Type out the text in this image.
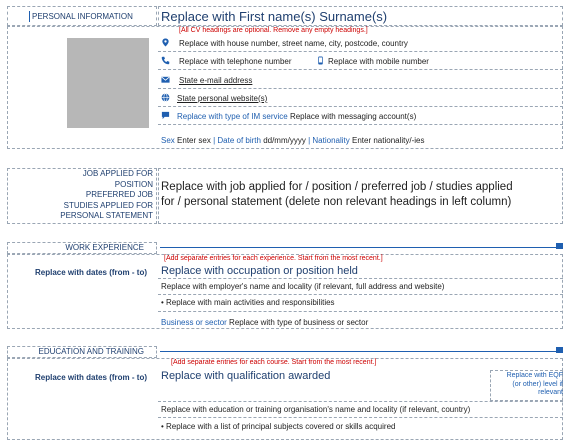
PERSONAL INFORMATION	Replace with First name(s) Surname(s)
[All CV headings are optional. Remove any empty headings.]
Replace with house number, street name, city, postcode, country
Replace with telephone number	Replace with mobile number
State e-mail address
State personal website(s)
Replace with type of IM service Replace with messaging account(s)
Sex Enter sex | Date of birth dd/mm/yyyy | Nationality Enter nationality/-ies
JOB APPLIED FOR
POSITION
PREFERRED JOB
STUDIES APPLIED FOR
PERSONAL STATEMENT
Replace with job applied for / position / preferred job / studies applied
for / personal statement (delete non relevant headings in left column)
WORK EXPERIENCE
[Add separate entries for each experience. Start from the most recent.]
Replace with dates (from - to) Replace with occupation or position held
Replace with employer's name and locality (if relevant, full address and website)
• Replace with main activities and responsibilities
Business or sector Replace with type of business or sector
EDUCATION AND TRAINING
[Add separate entries for each course. Start from the most recent.]
Replace with dates (from - to) Replace with qualification awarded	Replace with EQF
(or other) level if
relevant
Replace with education or training organisation's name and locality (if relevant, country)
• Replace with a list of principal subjects covered or skills acquired
